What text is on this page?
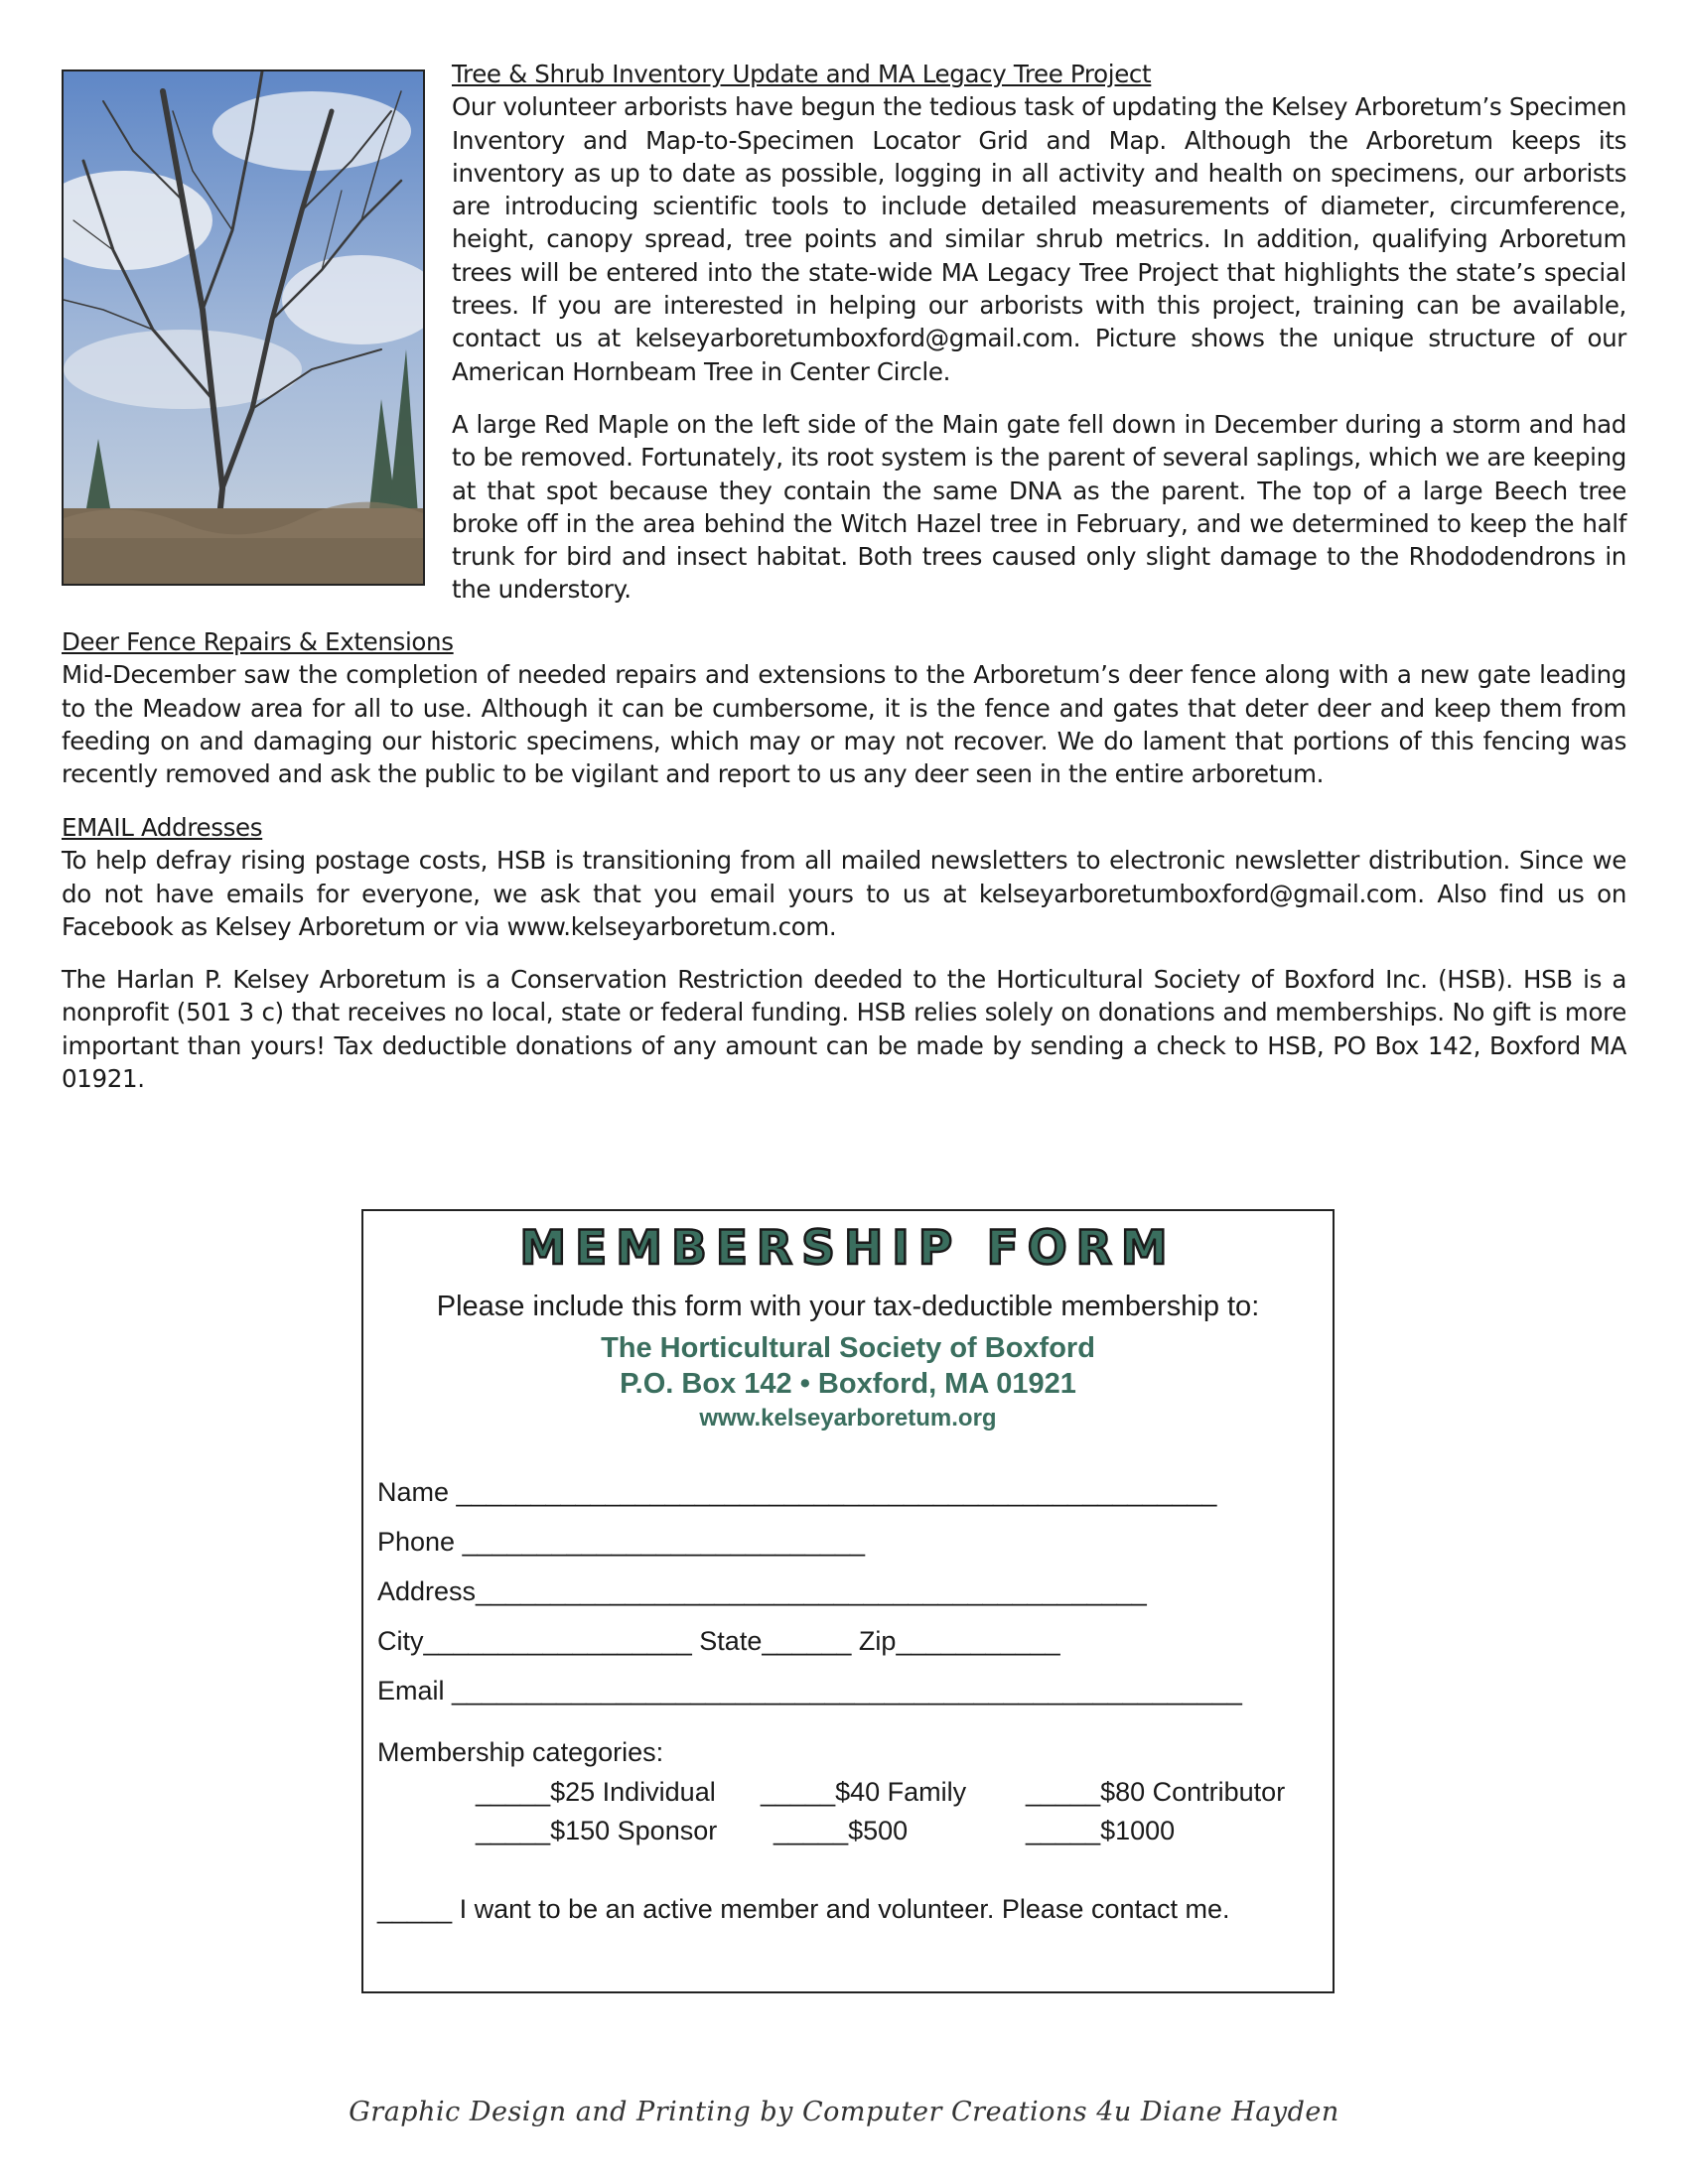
Tree & Shrub Inventory Update and MA Legacy Tree Project

Our volunteer arborists have begun the tedious task of updating the Kelsey Arboretum’s Specimen Inventory and Map-to-Specimen Locator Grid and Map. Although the Arboretum keeps its inventory as up to date as possible, logging in all activity and health on specimens, our arborists are introducing scientific tools to include detailed measurements of diameter, circumference, height, canopy spread, tree points and similar shrub metrics. In addition, qualifying Arboretum trees will be entered into the state-wide MA Legacy Tree Project that highlights the state’s special trees. If you are interested in helping our arborists with this project, training can be available, contact us at kelseyarboretumboxford@gmail.com. Picture shows the unique structure of our American Hornbeam Tree in Center Circle.

A large Red Maple on the left side of the Main gate fell down in December during a storm and had to be removed. Fortunately, its root system is the parent of several saplings, which we are keeping at that spot because they contain the same DNA as the parent. The top of a large Beech tree broke off in the area behind the Witch Hazel tree in February, and we determined to keep the half trunk for bird and insect habitat. Both trees caused only slight damage to the Rhododendrons in the understory.

Deer Fence Repairs & Extensions

Mid-December saw the completion of needed repairs and extensions to the Arboretum’s deer fence along with a new gate leading to the Meadow area for all to use. Although it can be cumbersome, it is the fence and gates that deter deer and keep them from feeding on and damaging our historic specimens, which may or may not recover. We do lament that portions of this fencing was recently removed and ask the public to be vigilant and report to us any deer seen in the entire arboretum.

EMAIL Addresses

To help defray rising postage costs, HSB is transitioning from all mailed newsletters to electronic newsletter distribution. Since we do not have emails for everyone, we ask that you email yours to us at kelseyarboretumboxford@gmail.com. Also find us on Facebook as Kelsey Arboretum or via www.kelseyarboretum.com.

The Harlan P. Kelsey Arboretum is a Conservation Restriction deeded to the Horticultural Society of Boxford Inc. (HSB). HSB is a nonprofit (501 3 c) that receives no local, state or federal funding. HSB relies solely on donations and memberships. No gift is more important than yours! Tax deductible donations of any amount can be made by sending a check to HSB, PO Box 142, Boxford MA 01921.

MEMBERSHIP FORM
Please include this form with your tax-deductible membership to:
The Horticultural Society of Boxford
P.O. Box 142 • Boxford, MA 01921
www.kelseyarboretum.org
Name ___________________________________________________
Phone ___________________________
Address_____________________________________________
City__________________ State______ Zip___________
Email _____________________________________________________
Membership categories:
_____$25 Individual _____$40 Family _____$80 Contributor
_____$150 Sponsor _____$500	_____$1000
_____ I want to be an active member and volunteer. Please contact me.
Graphic Design and Printing by Computer Creations 4u Diane Hayden
